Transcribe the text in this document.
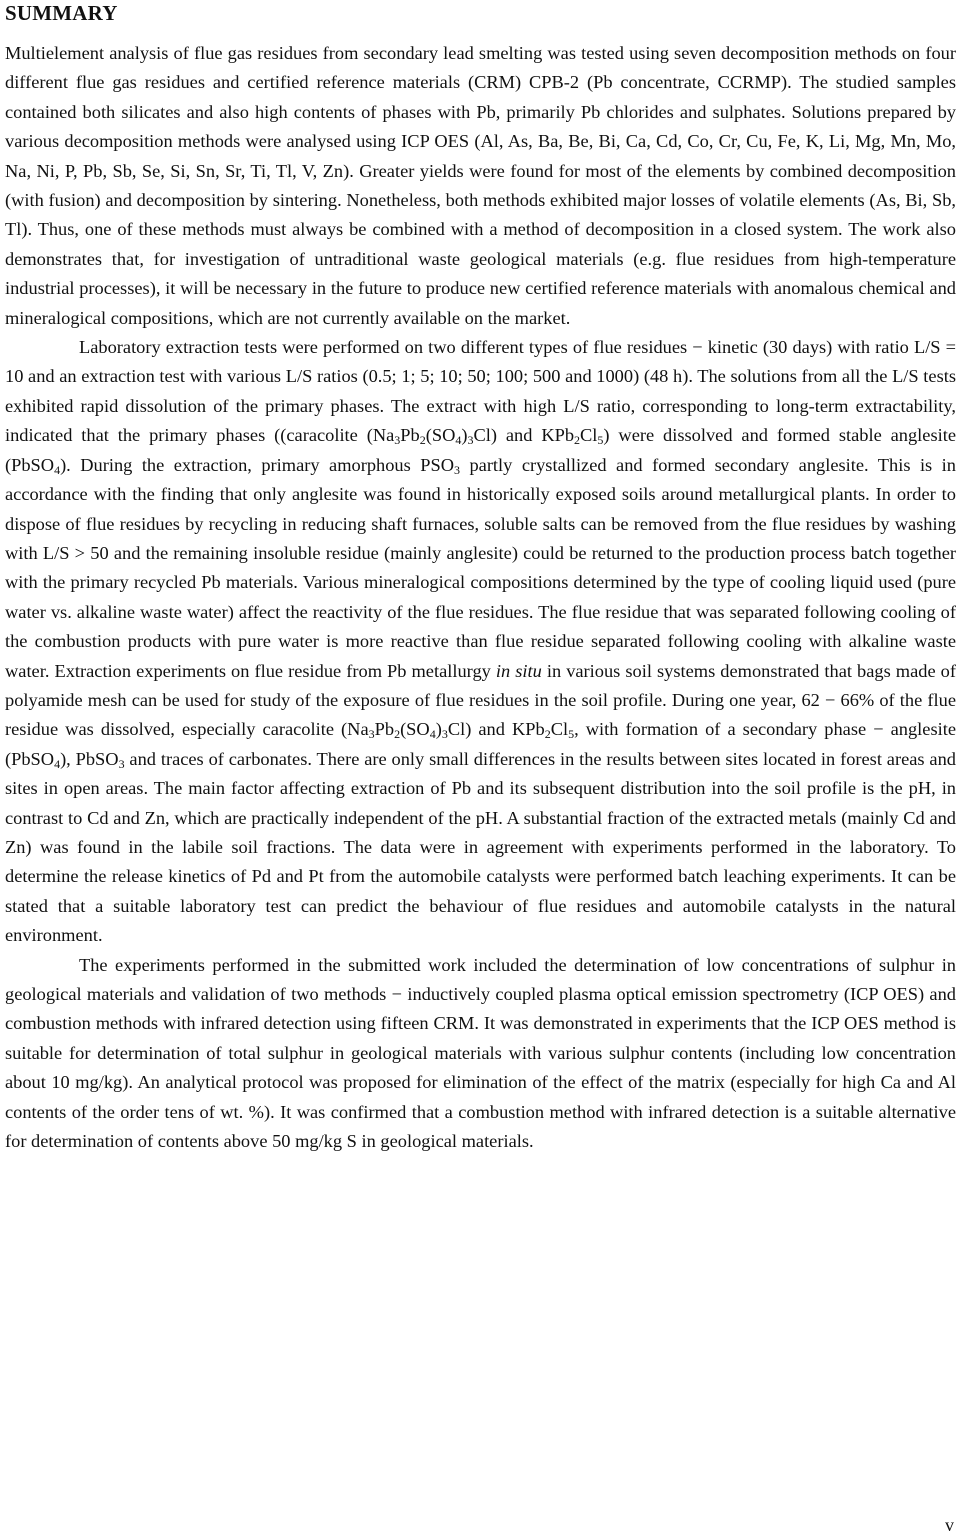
SUMMARY

Multielement analysis of flue gas residues from secondary lead smelting was tested using seven decomposition methods on four different flue gas residues and certified reference materials (CRM) CPB-2 (Pb concentrate, CCRMP). The studied samples contained both silicates and also high contents of phases with Pb, primarily Pb chlorides and sulphates. Solutions prepared by various decomposition methods were analysed using ICP OES (Al, As, Ba, Be, Bi, Ca, Cd, Co, Cr, Cu, Fe, K, Li, Mg, Mn, Mo, Na, Ni, P, Pb, Sb, Se, Si, Sn, Sr, Ti, Tl, V, Zn). Greater yields were found for most of the elements by combined decomposition (with fusion) and decomposition by sintering. Nonetheless, both methods exhibited major losses of volatile elements (As, Bi, Sb, Tl). Thus, one of these methods must always be combined with a method of decomposition in a closed system. The work also demonstrates that, for investigation of untraditional waste geological materials (e.g. flue residues from high-temperature industrial processes), it will be necessary in the future to produce new certified reference materials with anomalous chemical and mineralogical compositions, which are not currently available on the market.

Laboratory extraction tests were performed on two different types of flue residues − kinetic (30 days) with ratio L/S = 10 and an extraction test with various L/S ratios (0.5; 1; 5; 10; 50; 100; 500 and 1000) (48 h). The solutions from all the L/S tests exhibited rapid dissolution of the primary phases. The extract with high L/S ratio, corresponding to long-term extractability, indicated that the primary phases ((caracolite $(Na_3Pb_2(SO_4)_3Cl)$ and $KPb_2Cl_5$) were dissolved and formed stable anglesite (PbSO$_4$). During the extraction, primary amorphous $PSO_3$ partly crystallized and formed secondary anglesite. This is in accordance with the finding that only anglesite was found in historically exposed soils around metallurgical plants. In order to dispose of flue residues by recycling in reducing shaft furnaces, soluble salts can be removed from the flue residues by washing with L/S > 50 and the remaining insoluble residue (mainly anglesite) could be returned to the production process batch together with the primary recycled Pb materials. Various mineralogical compositions determined by the type of cooling liquid used (pure water vs. alkaline waste water) affect the reactivity of the flue residues. The flue residue that was separated following cooling of the combustion products with pure water is more reactive than flue residue separated following cooling with alkaline waste water. Extraction experiments on flue residue from Pb metallurgy in situ in various soil systems demonstrated that bags made of polyamide mesh can be used for study of the exposure of flue residues in the soil profile. During one year, 62 − 66% of the flue residue was dissolved, especially caracolite $(Na_3Pb_2(SO_4)_3Cl)$ and $KPb_2Cl_5$, with formation of a secondary phase − anglesite (PbSO$_4$), PbSO$_3$ and traces of carbonates. There are only small differences in the results between sites located in forest areas and sites in open areas. The main factor affecting extraction of Pb and its subsequent distribution into the soil profile is the pH, in contrast to Cd and Zn, which are practically independent of the pH. A substantial fraction of the extracted metals (mainly Cd and Zn) was found in the labile soil fractions. The data were in agreement with experiments performed in the laboratory. To determine the release kinetics of Pd and Pt from the automobile catalysts were performed batch leaching experiments. It can be stated that a suitable laboratory test can predict the behaviour of flue residues and automobile catalysts in the natural environment.

The experiments performed in the submitted work included the determination of low concentrations of sulphur in geological materials and validation of two methods − inductively coupled plasma optical emission spectrometry (ICP OES) and combustion methods with infrared detection using fifteen CRM. It was demonstrated in experiments that the ICP OES method is suitable for determination of total sulphur in geological materials with various sulphur contents (including low concentration about 10 mg/kg). An analytical protocol was proposed for elimination of the effect of the matrix (especially for high Ca and Al contents of the order tens of wt. %). It was confirmed that a combustion method with infrared detection is a suitable alternative for determination of contents above 50 mg/kg S in geological materials.

v
